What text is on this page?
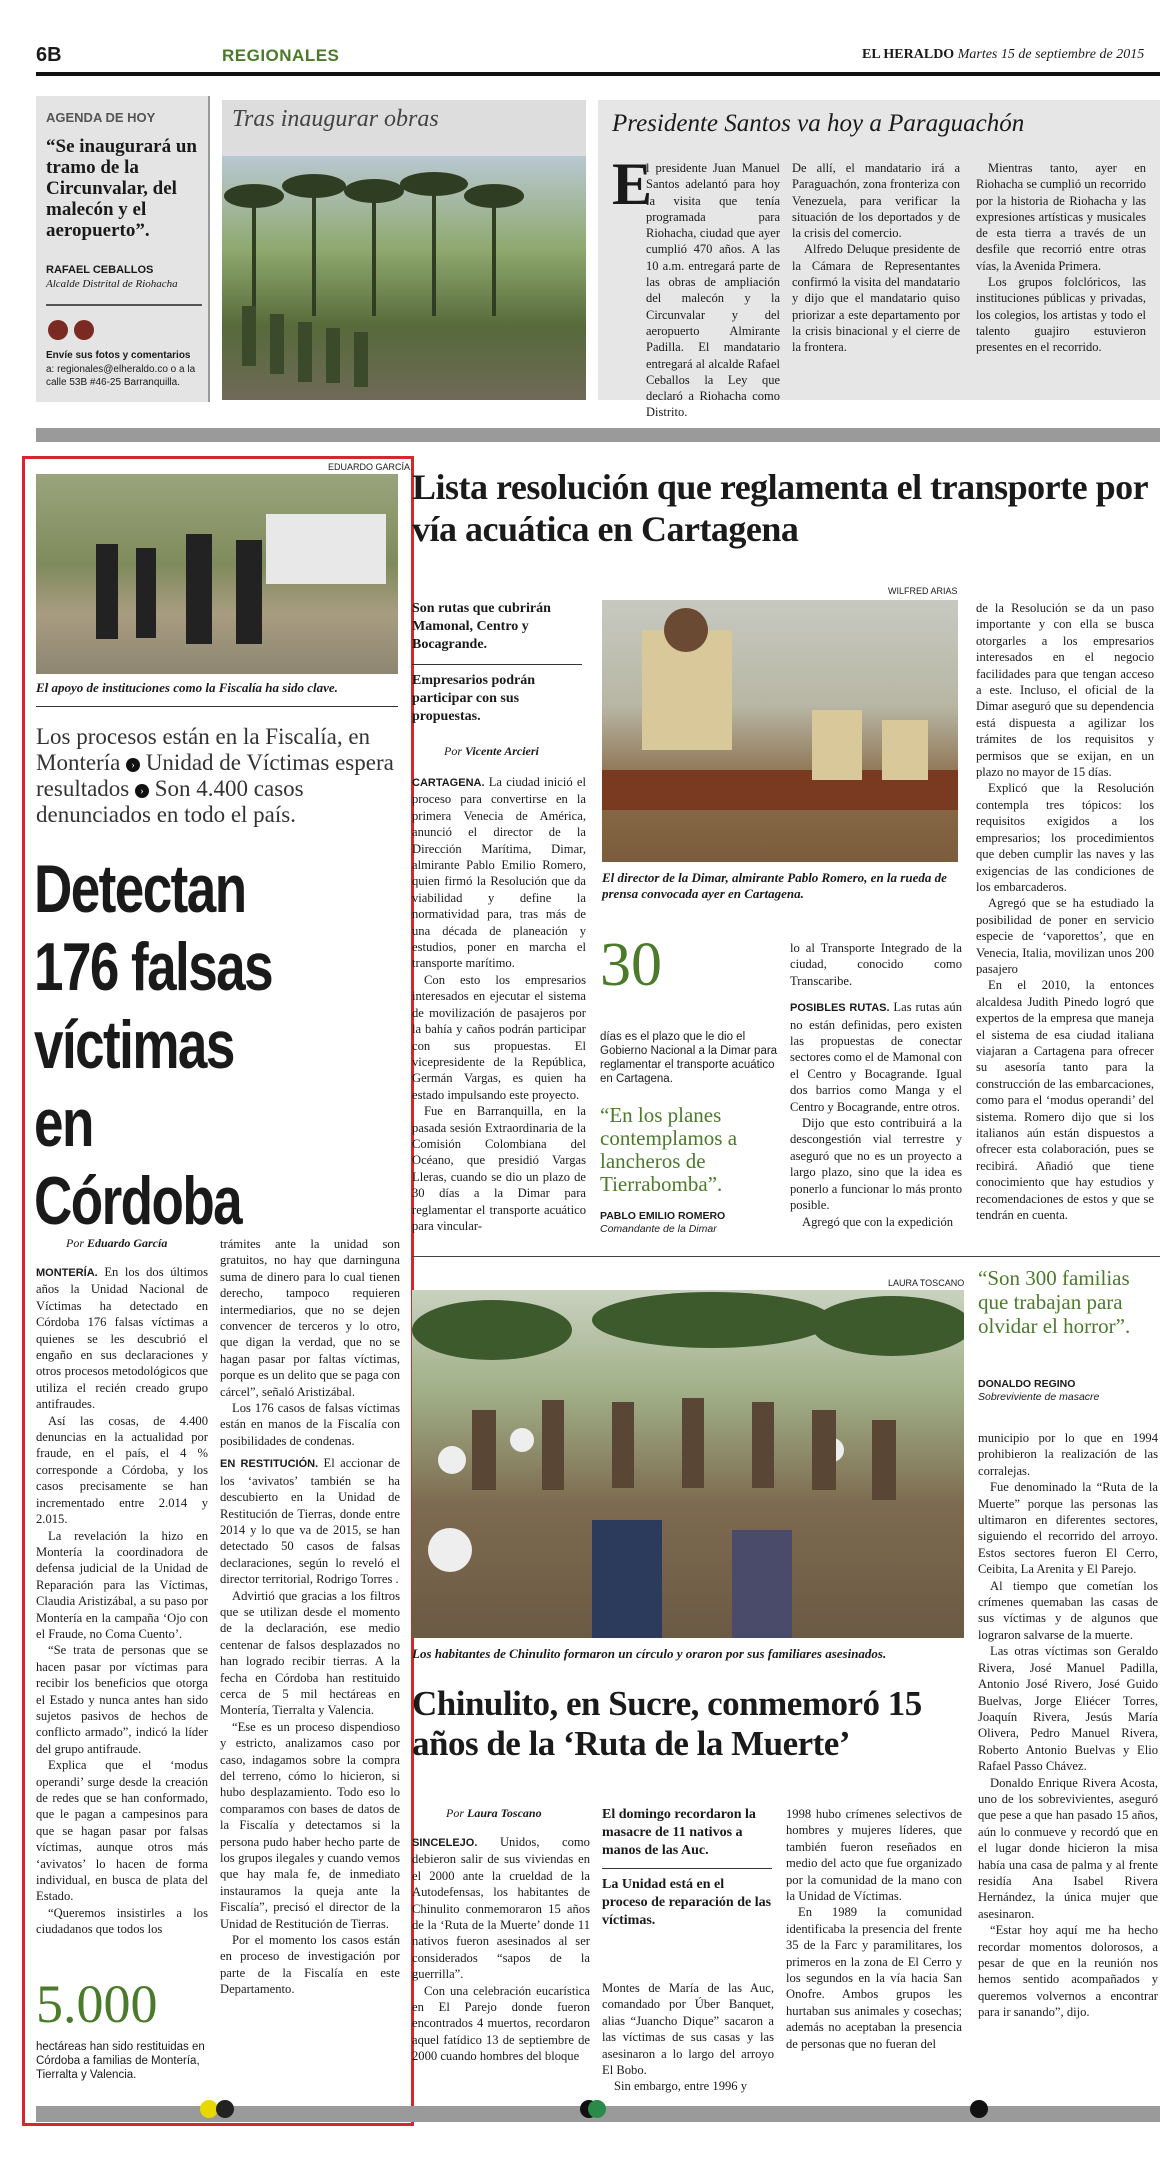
6B	REGIONALES	EL HERALDO Martes 15 de septiembre de 2015
AGENDA DE HOY
“Se inaugurará un tramo de la Circunvalar, del malecón y el aeropuerto”.
RAFAEL CEBALLOS
Alcalde Distrital de Riohacha
Envíe sus fotos y comentarios
a: regionales@elheraldo.co o a la calle 53B #46-25 Barranquilla.
Tras inaugurar obras	Presidente Santos va hoy a Paraguachón
E

l presidente Juan Manuel Santos adelantó para hoy la visita que tenía programada para Riohacha, ciudad que ayer cumplió 470 años. A las 10 a.m. entregará parte de las obras de ampliación del malecón y la Circunvalar y del aeropuerto Almirante Padilla. El mandatario entregará al alcalde Rafael Ceballos la Ley que declaró a Riohacha como Distrito.

De allí, el mandatario irá a Paraguachón, zona fronteriza con Venezuela, para verificar la situación de los deportados y de la crisis del comercio.

Alfredo Deluque presidente de la Cámara de Representantes confirmó la visita del mandatario y dijo que el mandatario quiso priorizar a este departamento por la crisis binacional y el cierre de la frontera.

Mientras tanto, ayer en Riohacha se cumplió un recorrido por la historia de Riohacha y las expresiones artísticas y musicales de esta tierra a través de un desfile que recorrió entre otras vías, la Avenida Primera.

Los grupos folclóricos, las instituciones públicas y privadas, los colegios, los artistas y todo el talento guajiro estuvieron presentes en el recorrido.

EDUARDO GARCÍA
El apoyo de instituciones como la Fiscalía ha sido clave.
Los procesos están en la Fiscalía, en Montería › Unidad de Víctimas espera resultados › Son 4.400 casos denunciados en todo el país.
Detectan 176 falsas víctimas en Córdoba
Por Eduardo García

MONTERÍA. En los dos últimos años la Unidad Nacional de Víctimas ha detectado en Córdoba 176 falsas víctimas a quienes se les descubrió el engaño en sus declaraciones y otros procesos metodológicos que utiliza el recién creado grupo antifraudes.

Así las cosas, de 4.400 denuncias en la actualidad por fraude, en el país, el 4 % corresponde a Córdoba, y los casos precisamente se han incrementado entre 2.014 y 2.015.

La revelación la hizo en Montería la coordinadora de defensa judicial de la Unidad de Reparación para las Víctimas, Claudia Aristizábal, a su paso por Montería en la campaña ‘Ojo con el Fraude, no Coma Cuento’.

“Se trata de personas que se hacen pasar por víctimas para recibir los beneficios que otorga el Estado y nunca antes han sido sujetos pasivos de hechos de conflicto armado”, indicó la líder del grupo antifraude.

Explica que el ‘modus operandi’ surge desde la creación de redes que se han conformado, que le pagan a campesinos para que se hagan pasar por falsas víctimas, aunque otros más ‘avivatos’ lo hacen de forma individual, en busca de plata del Estado.

“Queremos insistirles a los ciudadanos que todos los

trámites ante la unidad son gratuitos, no hay que darninguna suma de dinero para lo cual tienen derecho, tampoco requieren intermediarios, que no se dejen convencer de terceros y lo otro, que digan la verdad, que no se hagan pasar por faltas víctimas, porque es un delito que se paga con cárcel”, señaló Aristizábal.

Los 176 casos de falsas víctimas están en manos de la Fiscalía con posibilidades de condenas.

EN RESTITUCIÓN. El accionar de los ‘avivatos’ también se ha descubierto en la Unidad de Restitución de Tierras, donde entre 2014 y lo que va de 2015, se han detectado 50 casos de falsas declaraciones, según lo reveló el director territorial, Rodrigo Torres .

Advirtió que gracias a los filtros que se utilizan desde el momento de la declaración, ese medio centenar de falsos desplazados no han logrado recibir tierras. A la fecha en Córdoba han restituido cerca de 5 mil hectáreas en Montería, Tierralta y Valencia.

“Ese es un proceso dispendioso y estricto, analizamos caso por caso, indagamos sobre la compra del terreno, cómo lo hicieron, si hubo desplazamiento. Todo eso lo comparamos con bases de datos de la Fiscalía y detectamos si la persona pudo haber hecho parte de los grupos ilegales y cuando vemos que hay mala fe, de inmediato instauramos la queja ante la Fiscalía”, precisó el director de la Unidad de Restitución de Tierras.

Por el momento los casos están en proceso de investigación por parte de la Fiscalía en este Departamento.

5.000
hectáreas han sido restituidas en Córdoba a familias de Montería, Tierralta y Valencia.
Lista resolución que reglamenta el transporte por vía acuática en Cartagena
Son rutas que cubrirán Mamonal, Centro y Bocagrande.
Empresarios podrán participar con sus propuestas.
Por Vicente Arcieri

CARTAGENA. La ciudad inició el proceso para convertirse en la primera Venecia de América, anunció el director de la Dirección Marítima, Dimar, almirante Pablo Emilio Romero, quien firmó la Resolución que da viabilidad y define la normatividad para, tras más de una década de planeación y estudios, poner en marcha el transporte marítimo.

Con esto los empresarios interesados en ejecutar el sistema de movilización de pasajeros por la bahía y caños podrán participar con sus propuestas. El vicepresidente de la República, Germán Vargas, es quien ha estado impulsando este proyecto.

Fue en Barranquilla, en la pasada sesión Extraordinaria de la Comisión Colombiana del Océano, que presidió Vargas Lleras, cuando se dio un plazo de 30 días a la Dimar para reglamentar el transporte acuático para vincular-

WILFRED ARIAS
El director de la Dimar, almirante Pablo Romero, en la rueda de prensa convocada ayer en Cartagena.
30
días es el plazo que le dio el Gobierno Nacional a la Dimar para reglamentar el transporte acuático en Cartagena.
“En los planes contemplamos a lancheros de Tierrabomba”.
PABLO EMILIO ROMERO
Comandante de la Dimar

lo al Transporte Integrado de la ciudad, conocido como Transcaribe.

POSIBLES RUTAS. Las rutas aún no están definidas, pero existen las propuestas de conectar sectores como el de Mamonal con el Centro y Bocagrande. Igual dos barrios como Manga y el Centro y Bocagrande, entre otros.

Dijo que esto contribuirá a la descongestión vial terrestre y aseguró que no es un proyecto a largo plazo, sino que la idea es ponerlo a funcionar lo más pronto posible.

Agregó que con la expedición

de la Resolución se da un paso importante y con ella se busca otorgarles a los empresarios interesados en el negocio facilidades para que tengan acceso a este. Incluso, el oficial de la Dimar aseguró que su dependencia está dispuesta a agilizar los trámites de los requisitos y permisos que se exijan, en un plazo no mayor de 15 días.

Explicó que la Resolución contempla tres tópicos: los requisitos exigidos a los empresarios; los procedimientos que deben cumplir las naves y las exigencias de las condiciones de los embarcaderos.

Agregó que se ha estudiado la posibilidad de poner en servicio especie de ‘vaporettos’, que en Venecia, Italia, movilizan unos 200 pasajero

En el 2010, la entonces alcaldesa Judith Pinedo logró que expertos de la empresa que maneja el sistema de esa ciudad italiana viajaran a Cartagena para ofrecer su asesoría tanto para la construcción de las embarcaciones, como para el ‘modus operandi’ del sistema. Romero dijo que si los italianos aún están dispuestos a ofrecer esta colaboración, pues se recibirá. Añadió que tiene conocimiento que hay estudios y recomendaciones de estos y que se tendrán en cuenta.

LAURA TOSCANO
Los habitantes de Chinulito formaron un círculo y oraron por sus familiares asesinados.
“Son 300 familias que trabajan para olvidar el horror”.
DONALDO REGINO
Sobreviviente de masacre
Chinulito, en Sucre, conmemoró 15 años de la ‘Ruta de la Muerte’
Por Laura Toscano

SINCELEJO. Unidos, como debieron salir de sus viviendas en el 2000 ante la crueldad de la Autodefensas, los habitantes de Chinulito conmemoraron 15 años de la ‘Ruta de la Muerte’ donde 11 nativos fueron asesinados al ser considerados “sapos de la guerrilla”.

Con una celebración eucarística en El Parejo donde fueron encontrados 4 muertos, recordaron aquel fatídico 13 de septiembre de 2000 cuando hombres del bloque

El domingo recordaron la masacre de 11 nativos a manos de las Auc.
La Unidad está en el proceso de reparación de las víctimas.

Montes de María de las Auc, comandado por Úber Banquet, alias “Juancho Dique” sacaron a las víctimas de sus casas y las asesinaron a lo largo del arroyo El Bobo.

Sin embargo, entre 1996 y

1998 hubo crímenes selectivos de hombres y mujeres líderes, que también fueron reseñados en medio del acto que fue organizado por la comunidad de la mano con la Unidad de Víctimas.

En 1989 la comunidad identificaba la presencia del frente 35 de la Farc y paramilitares, los primeros en la zona de El Cerro y los segundos en la vía hacia San Onofre. Ambos grupos les hurtaban sus animales y cosechas; además no aceptaban la presencia de personas que no fueran del

municipio por lo que en 1994 prohibieron la realización de las corralejas.

Fue denominado la “Ruta de la Muerte” porque las personas las ultimaron en diferentes sectores, siguiendo el recorrido del arroyo. Estos sectores fueron El Cerro, Ceibita, La Arenita y El Parejo.

Al tiempo que cometían los crímenes quemaban las casas de sus víctimas y de algunos que lograron salvarse de la muerte.

Las otras víctimas son Geraldo Rivera, José Manuel Padilla, Antonio José Rivero, José Guido Buelvas, Jorge Eliécer Torres, Joaquín Rivera, Jesús María Olivera, Pedro Manuel Rivera, Roberto Antonio Buelvas y Elio Rafael Passo Chávez.

Donaldo Enrique Rivera Acosta, uno de los sobrevivientes, aseguró que pese a que han pasado 15 años, aún lo conmueve y recordó que en el lugar donde hicieron la misa había una casa de palma y al frente residía Ana Isabel Rivera Hernández, la única mujer que asesinaron.

“Estar hoy aquí me ha hecho recordar momentos dolorosos, a pesar de que en la reunión nos hemos sentido acompañados y queremos volvernos a encontrar para ir sanando”, dijo.
